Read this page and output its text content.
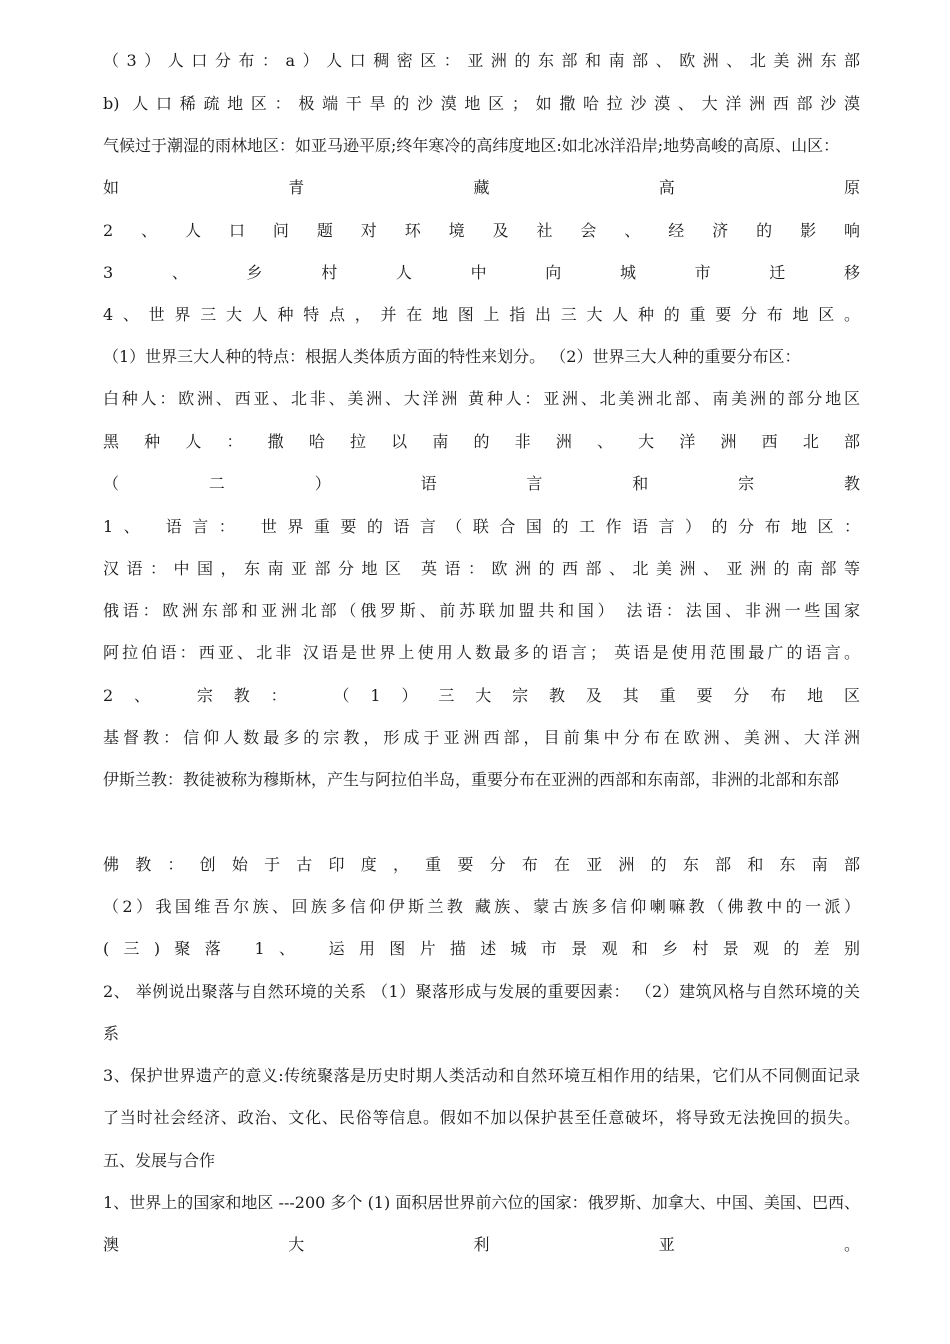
（3）人口分布：a）人口稠密区：亚洲的东部和南部、欧洲、北美洲东部
b) 人口稀疏地区：极端干旱的沙漠地区；如撒哈拉沙漠、大洋洲西部沙漠
气候过于潮湿的雨林地区：如亚马逊平原;终年寒冷的高纬度地区:如北冰洋沿岸;地势高峻的高原、山区：
如青藏高原
2、人口问题对环境及社会、经济的影响
3、乡村人中向城市迁移
4、世界三大人种特点，并在地图上指出三大人种的重要分布地区。
（1）世界三大人种的特点：根据人类体质方面的特性来划分。 （2）世界三大人种的重要分布区：
白种人：欧洲、西亚、北非、美洲、大洋洲 黄种人：亚洲、北美洲北部、南美洲的部分地区
黑种人：撒哈拉以南的非洲、大洋洲西北部
（二）语言和宗教
1、 语言： 世界重要的语言（联合国的工作语言）的分布地区：
汉语：中国，东南亚部分地区 英语：欧洲的西部、北美洲、亚洲的南部等
俄语：欧洲东部和亚洲北部（俄罗斯、前苏联加盟共和国） 法语：法国、非洲一些国家
阿拉伯语：西亚、北非 汉语是世界上使用人数最多的语言； 英语是使用范围最广的语言。
2、 宗教： （1）三大宗教及其重要分布地区
基督教：信仰人数最多的宗教，形成于亚洲西部，目前集中分布在欧洲、美洲、大洋洲
伊斯兰教：教徒被称为穆斯林，产生与阿拉伯半岛，重要分布在亚洲的西部和东南部，非洲的北部和东部
佛教：创始于古印度，重要分布在亚洲的东部和东南部
（2）我国维吾尔族、回族多信仰伊斯兰教 藏族、蒙古族多信仰喇嘛教（佛教中的一派）
(三)聚落 1、 运用图片描述城市景观和乡村景观的差别
2、 举例说出聚落与自然环境的关系 （1）聚落形成与发展的重要因素： （2）建筑风格与自然环境的关
系
3、保护世界遗产的意义:传统聚落是历史时期人类活动和自然环境互相作用的结果，它们从不同侧面记录
了当时社会经济、政治、文化、民俗等信息。假如不加以保护甚至任意破坏，将导致无法挽回的损失。
五、发展与合作
1、世界上的国家和地区 ---200 多个 (1) 面积居世界前六位的国家：俄罗斯、加拿大、中国、美国、巴西、
澳大利亚。
